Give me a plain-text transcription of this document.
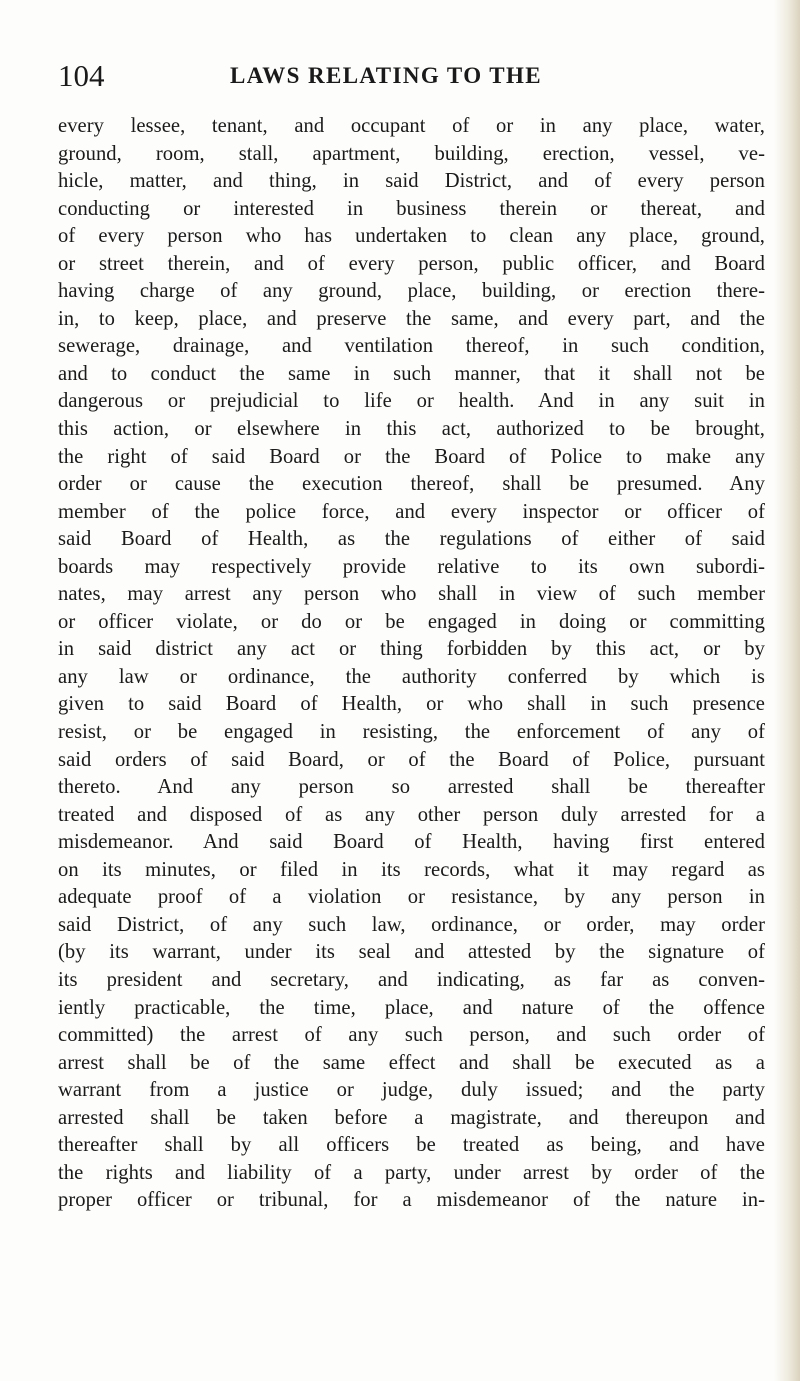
104	LAWS RELATING TO THE
every lessee, tenant, and occupant of or in any place, water,
ground, room, stall, apartment, building, erection, vessel, ve-
hicle, matter, and thing, in said District, and of every person
conducting or interested in business therein or thereat, and
of every person who has undertaken to clean any place, ground,
or street therein, and of every person, public officer, and Board
having charge of any ground, place, building, or erection there-
in, to keep, place, and preserve the same, and every part, and the
sewerage, drainage, and ventilation thereof, in such condition,
and to conduct the same in such manner, that it shall not be
dangerous or prejudicial to life or health. And in any suit in
this action, or elsewhere in this act, authorized to be brought,
the right of said Board or the Board of Police to make any
order or cause the execution thereof, shall be presumed. Any
member of the police force, and every inspector or officer of
said Board of Health, as the regulations of either of said
boards may respectively provide relative to its own subordi-
nates, may arrest any person who shall in view of such member
or officer violate, or do or be engaged in doing or committing
in said district any act or thing forbidden by this act, or by
any law or ordinance, the authority conferred by which is
given to said Board of Health, or who shall in such presence
resist, or be engaged in resisting, the enforcement of any of
said orders of said Board, or of the Board of Police, pursuant
thereto. And any person so arrested shall be thereafter
treated and disposed of as any other person duly arrested for a
misdemeanor. And said Board of Health, having first entered
on its minutes, or filed in its records, what it may regard as
adequate proof of a violation or resistance, by any person in
said District, of any such law, ordinance, or order, may order
(by its warrant, under its seal and attested by the signature of
its president and secretary, and indicating, as far as conven-
iently practicable, the time, place, and nature of the offence
committed) the arrest of any such person, and such order of
arrest shall be of the same effect and shall be executed as a
warrant from a justice or judge, duly issued; and the party
arrested shall be taken before a magistrate, and thereupon and
thereafter shall by all officers be treated as being, and have
the rights and liability of a party, under arrest by order of the
proper officer or tribunal, for a misdemeanor of the nature in-
